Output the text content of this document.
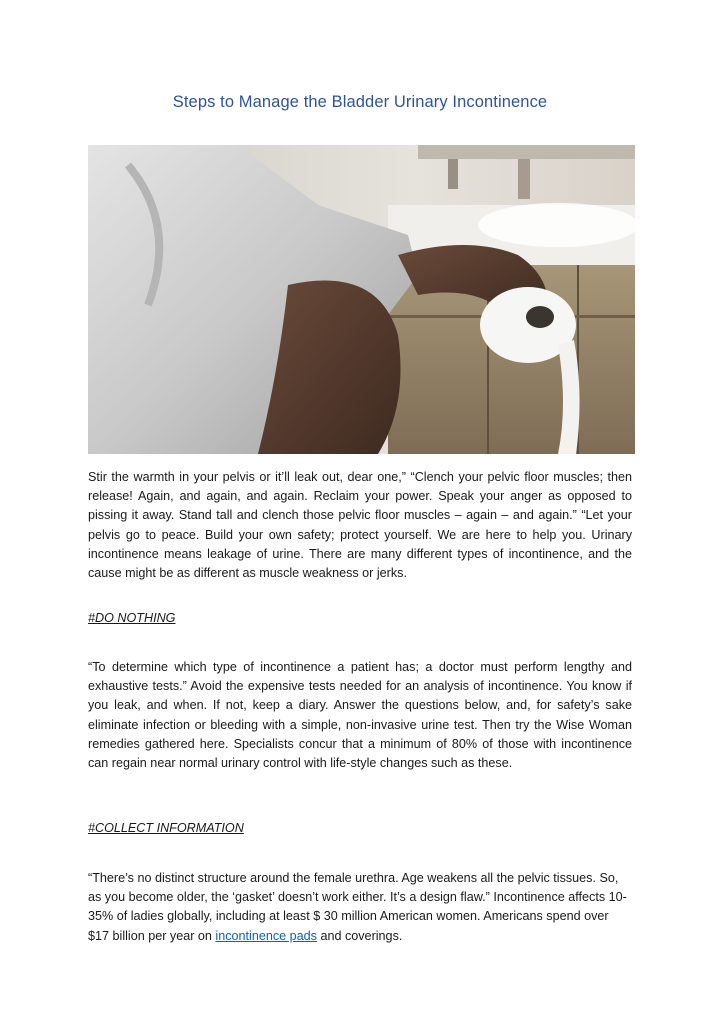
Steps to Manage the Bladder Urinary Incontinence
Stir the warmth in your pelvis or it’ll leak out, dear one,” “Clench your pelvic floor muscles; then release! Again, and again, and again. Reclaim your power. Speak your anger as opposed to pissing it away. Stand tall and clench those pelvic floor muscles – again – and again.” “Let your pelvis go to peace. Build your own safety; protect yourself. We are here to help you. Urinary incontinence means leakage of urine. There are many different types of incontinence, and the cause might be as different as muscle weakness or jerks.
#DO NOTHING
“To determine which type of incontinence a patient has; a doctor must perform lengthy and exhaustive tests.” Avoid the expensive tests needed for an analysis of incontinence. You know if you leak, and when. If not, keep a diary. Answer the questions below, and, for safety’s sake eliminate infection or bleeding with a simple, non-invasive urine test. Then try the Wise Woman remedies gathered here. Specialists concur that a minimum of 80% of those with incontinence can regain near normal urinary control with life-style changes such as these.
#COLLECT INFORMATION
“There’s no distinct structure around the female urethra. Age weakens all the pelvic tissues. So, as you become older, the ‘gasket’ doesn’t work either. It’s a design flaw.” Incontinence affects 10-35% of ladies globally, including at least $ 30 million American women. Americans spend over $17 billion per year on incontinence pads and coverings.
